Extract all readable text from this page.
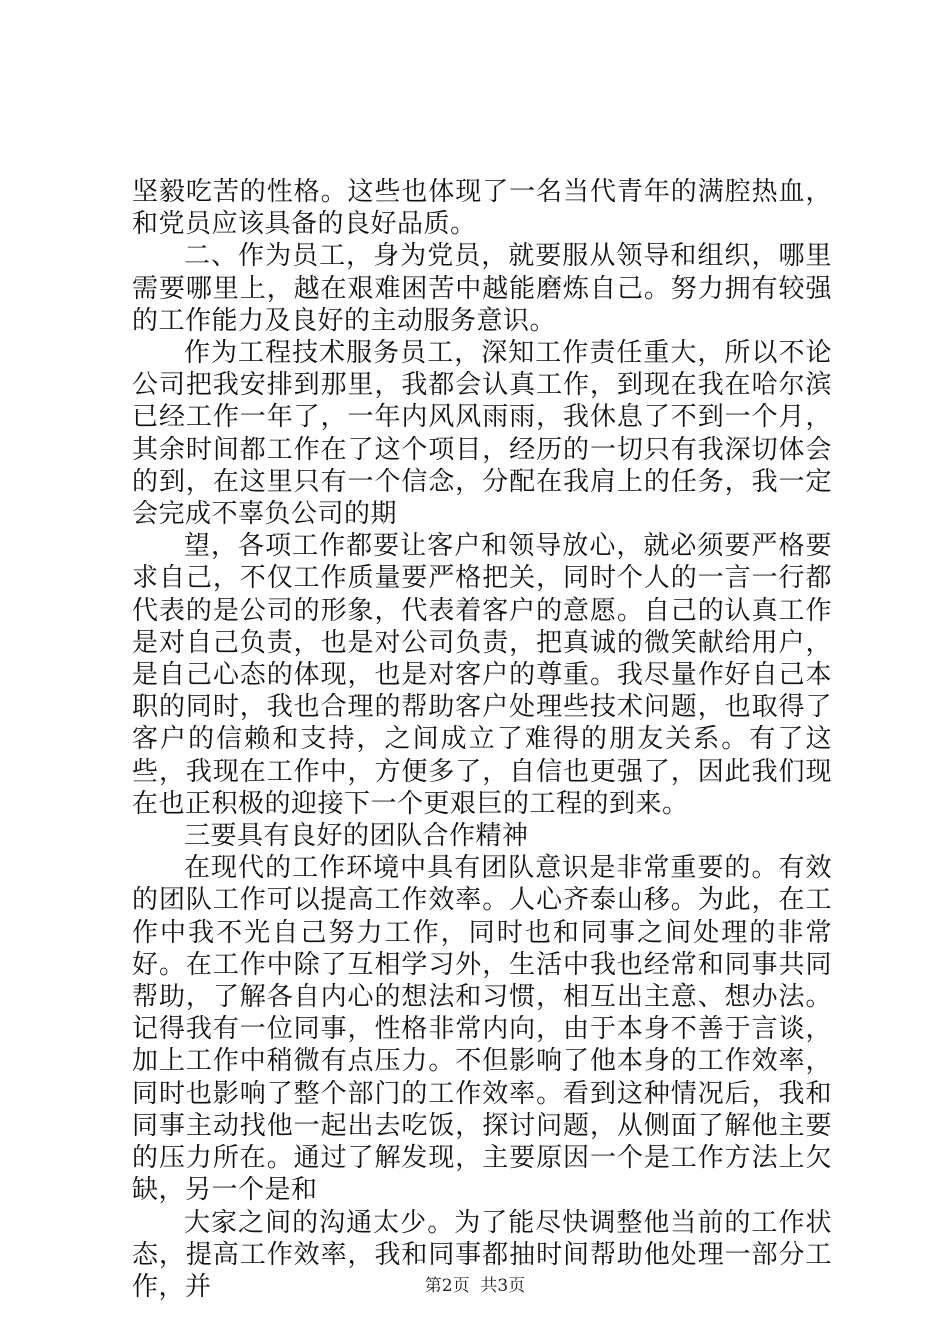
坚毅吃苦的性格。这些也体现了一名当代青年的满腔热血，和党员应该具备的良好品质。

二、作为员工，身为党员，就要服从领导和组织，哪里需要哪里上，越在艰难困苦中越能磨炼自己。努力拥有较强的工作能力及良好的主动服务意识。

作为工程技术服务员工，深知工作责任重大，所以不论公司把我安排到那里，我都会认真工作，到现在我在哈尔滨已经工作一年了，一年内风风雨雨，我休息了不到一个月，其余时间都工作在了这个项目，经历的一切只有我深切体会的到，在这里只有一个信念，分配在我肩上的任务，我一定会完成不辜负公司的期

望，各项工作都要让客户和领导放心，就必须要严格要求自己，不仅工作质量要严格把关，同时个人的一言一行都代表的是公司的形象，代表着客户的意愿。自己的认真工作是对自己负责，也是对公司负责，把真诚的微笑献给用户，是自己心态的体现，也是对客户的尊重。我尽量作好自己本职的同时，我也合理的帮助客户处理些技术问题，也取得了客户的信赖和支持，之间成立了难得的朋友关系。有了这些，我现在工作中，方便多了，自信也更强了，因此我们现在也正积极的迎接下一个更艰巨的工程的到来。

三要具有良好的团队合作精神

在现代的工作环境中具有团队意识是非常重要的。有效的团队工作可以提高工作效率。人心齐泰山移。为此，在工作中我不光自己努力工作，同时也和同事之间处理的非常好。在工作中除了互相学习外，生活中我也经常和同事共同帮助，了解各自内心的想法和习惯，相互出主意、想办法。记得我有一位同事，性格非常内向，由于本身不善于言谈，加上工作中稍微有点压力。不但影响了他本身的工作效率，同时也影响了整个部门的工作效率。看到这种情况后，我和同事主动找他一起出去吃饭，探讨问题，从侧面了解他主要的压力所在。通过了解发现，主要原因一个是工作方法上欠缺，另一个是和

大家之间的沟通太少。为了能尽快调整他当前的工作状态，提高工作效率，我和同事都抽时间帮助他处理一部分工作，并	第2页  共3页
